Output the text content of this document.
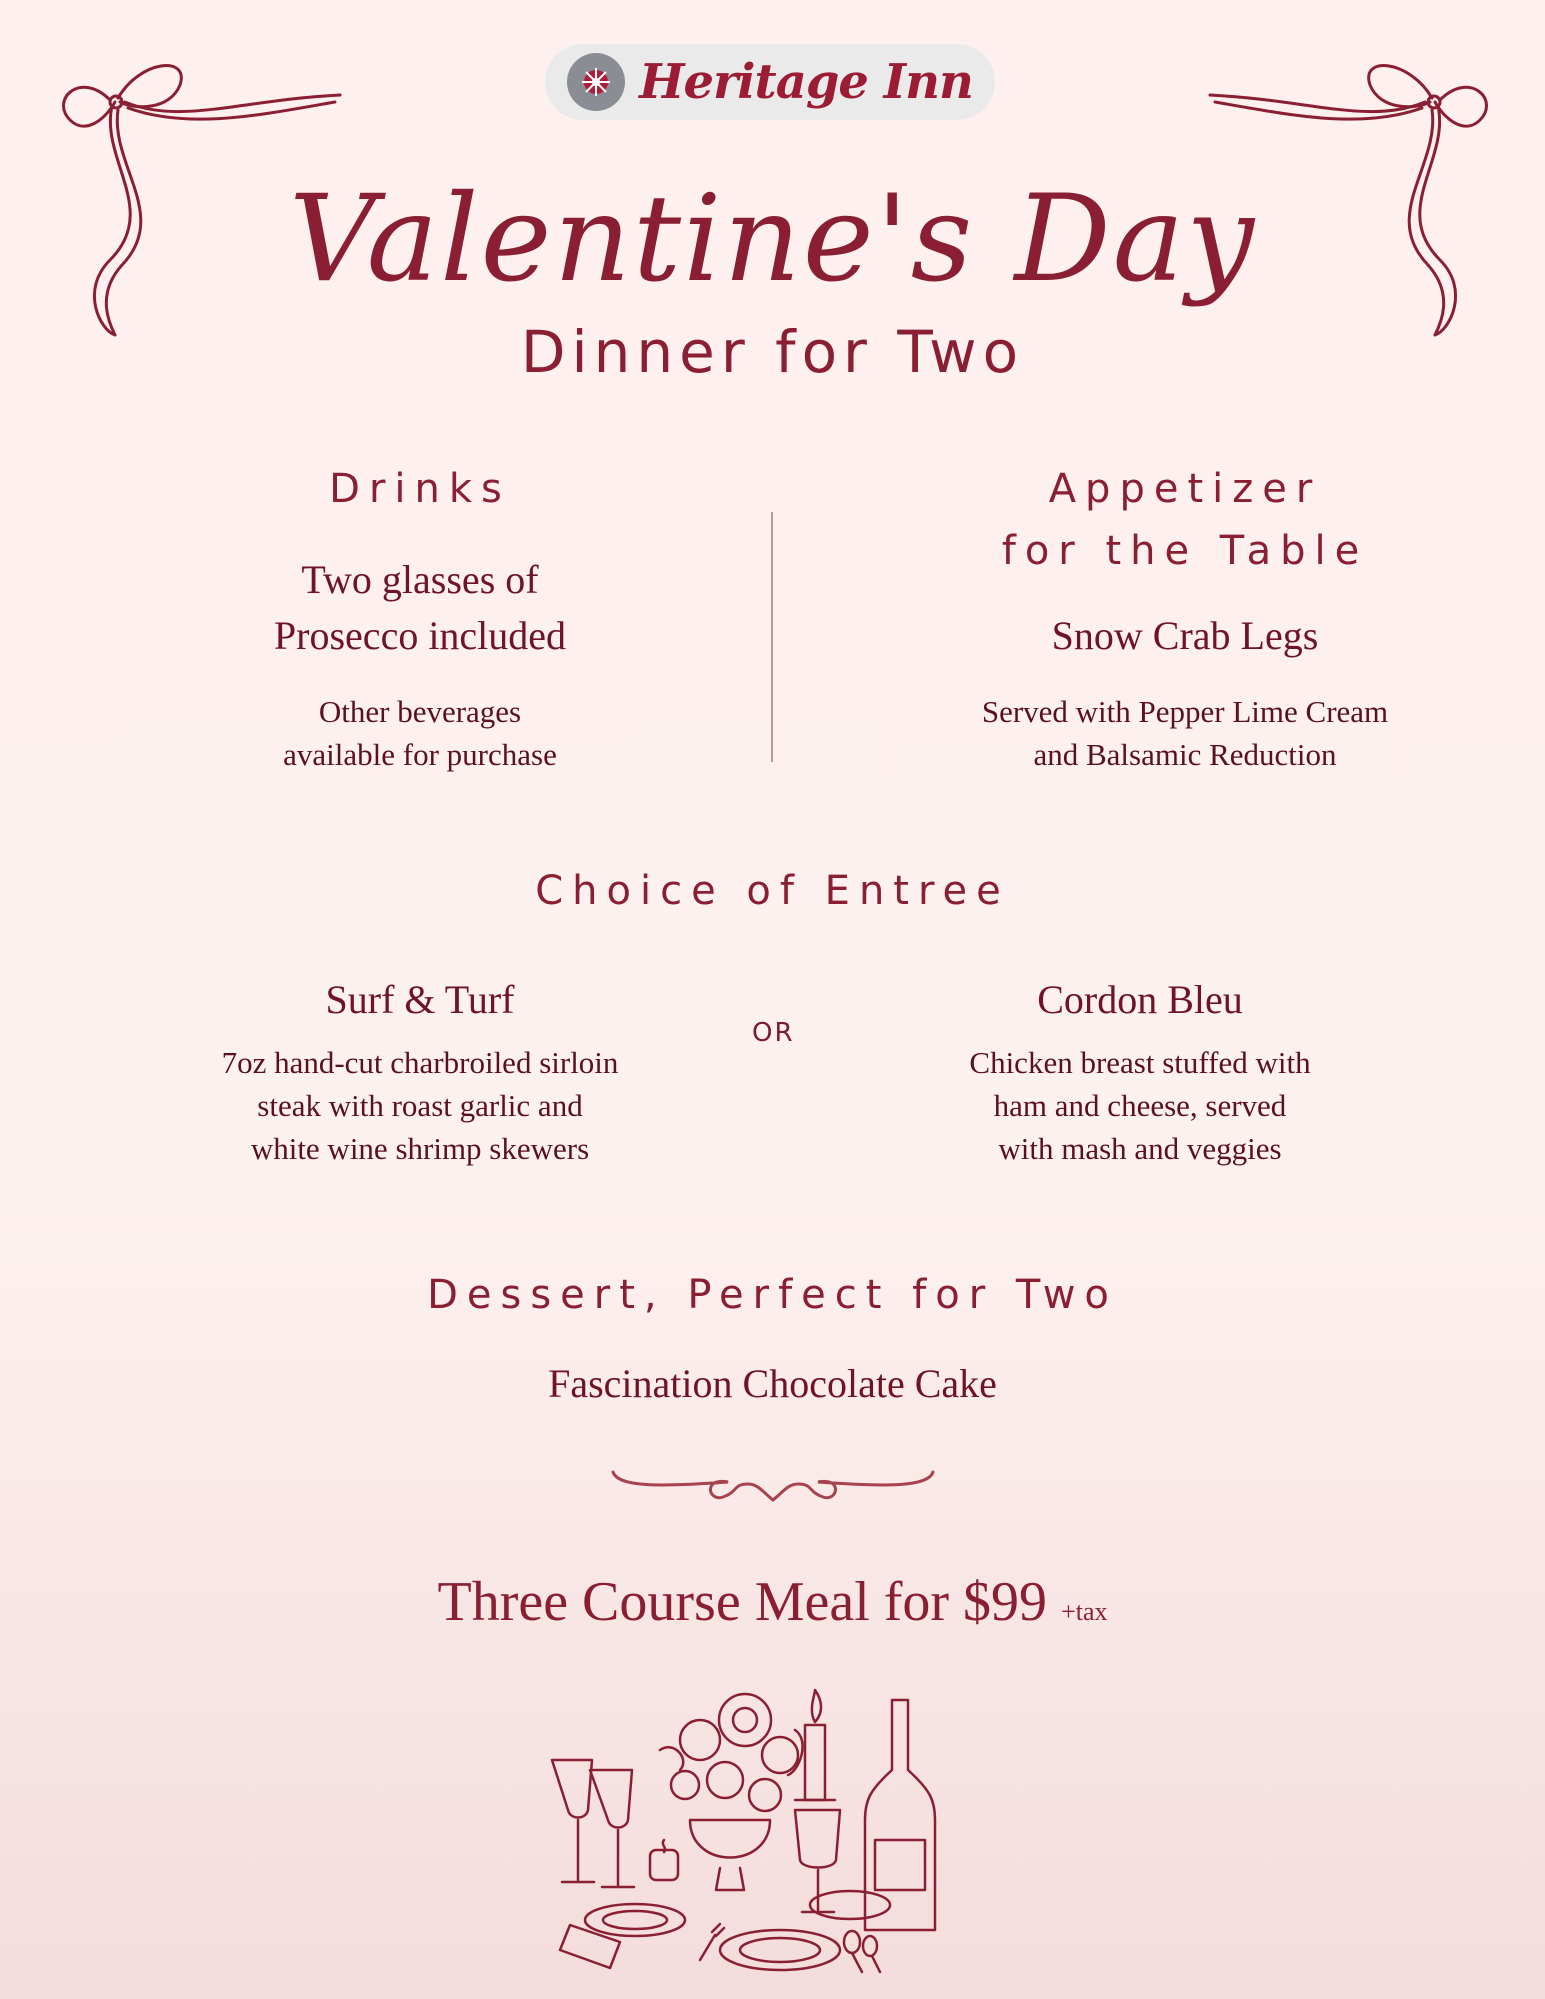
Heritage Inn
Valentine's Day
Dinner for Two
Drinks
Two glasses of
Prosecco included
Other beverages
available for purchase
Appetizer
for the Table
Snow Crab Legs
Served with Pepper Lime Cream
and Balsamic Reduction
Choice of Entree
Surf & Turf
7oz hand-cut charbroiled sirloin
steak with roast garlic and
white wine shrimp skewers
OR
Cordon Bleu
Chicken breast stuffed with
ham and cheese, served
with mash and veggies
Dessert, Perfect for Two
Fascination Chocolate Cake
Three Course Meal for $99 +tax
